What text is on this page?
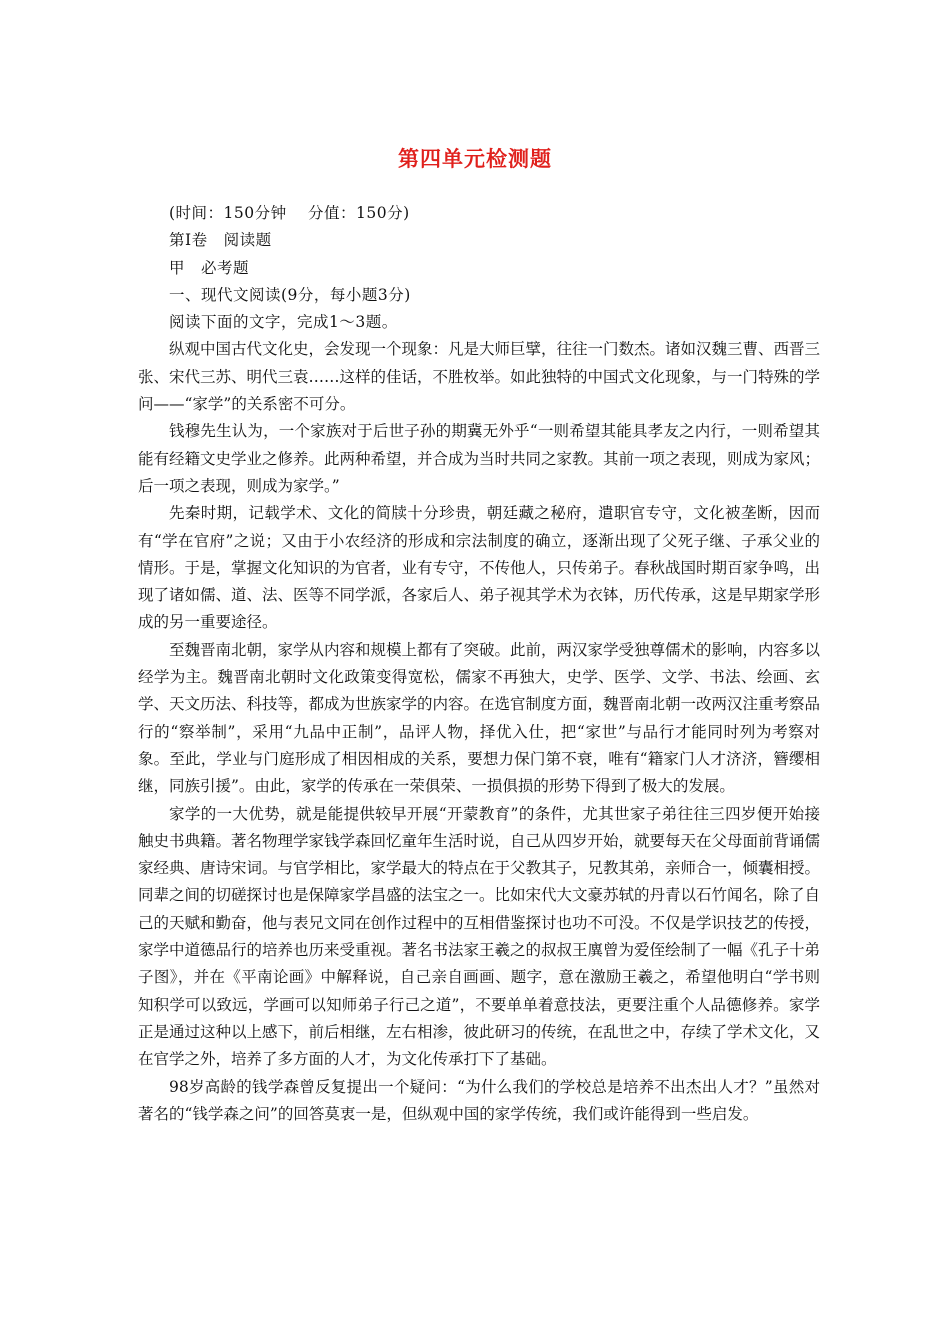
第四单元检测题

(时间：150分钟　 分值：150分)

第Ⅰ卷　阅读题

甲　必考题

一、现代文阅读(9分，每小题3分)

阅读下面的文字，完成1～3题。

纵观中国古代文化史，会发现一个现象：凡是大师巨擘，往往一门数杰。诸如汉魏三曹、西晋三张、宋代三苏、明代三袁……这样的佳话，不胜枚举。如此独特的中国式文化现象，与一门特殊的学问——“家学”的关系密不可分。

钱穆先生认为，一个家族对于后世子孙的期冀无外乎“一则希望其能具孝友之内行，一则希望其能有经籍文史学业之修养。此两种希望，并合成为当时共同之家教。其前一项之表现，则成为家风；后一项之表现，则成为家学。”

先秦时期，记载学术、文化的简牍十分珍贵，朝廷藏之秘府，遣职官专守，文化被垄断，因而有“学在官府”之说；又由于小农经济的形成和宗法制度的确立，逐渐出现了父死子继、子承父业的情形。于是，掌握文化知识的为官者，业有专守，不传他人，只传弟子。春秋战国时期百家争鸣，出现了诸如儒、道、法、医等不同学派，各家后人、弟子视其学术为衣钵，历代传承，这是早期家学形成的另一重要途径。

至魏晋南北朝，家学从内容和规模上都有了突破。此前，两汉家学受独尊儒术的影响，内容多以经学为主。魏晋南北朝时文化政策变得宽松，儒家不再独大，史学、医学、文学、书法、绘画、玄学、天文历法、科技等，都成为世族家学的内容。在选官制度方面，魏晋南北朝一改两汉注重考察品行的“察举制”，采用“九品中正制”，品评人物，择优入仕，把“家世”与品行才能同时列为考察对象。至此，学业与门庭形成了相因相成的关系，要想力保门第不衰，唯有“籍家门人才济济，簪缨相继，同族引援”。由此，家学的传承在一荣俱荣、一损俱损的形势下得到了极大的发展。

家学的一大优势，就是能提供较早开展“开蒙教育”的条件，尤其世家子弟往往三四岁便开始接触史书典籍。著名物理学家钱学森回忆童年生活时说，自己从四岁开始，就要每天在父母面前背诵儒家经典、唐诗宋词。与官学相比，家学最大的特点在于父教其子，兄教其弟，亲师合一，倾囊相授。同辈之间的切磋探讨也是保障家学昌盛的法宝之一。比如宋代大文豪苏轼的丹青以石竹闻名，除了自己的天赋和勤奋，他与表兄文同在创作过程中的互相借鉴探讨也功不可没。不仅是学识技艺的传授，家学中道德品行的培养也历来受重视。著名书法家王羲之的叔叔王廙曾为爱侄绘制了一幅《孔子十弟子图》，并在《平南论画》中解释说，自己亲自画画、题字，意在激励王羲之，希望他明白“学书则知积学可以致远，学画可以知师弟子行己之道”，不要单单着意技法，更要注重个人品德修养。家学正是通过这种以上感下，前后相继，左右相渗，彼此研习的传统，在乱世之中，存续了学术文化，又在官学之外，培养了多方面的人才，为文化传承打下了基础。

98岁高龄的钱学森曾反复提出一个疑问：“为什么我们的学校总是培养不出杰出人才？”虽然对著名的“钱学森之问”的回答莫衷一是，但纵观中国的家学传统，我们或许能得到一些启发。
